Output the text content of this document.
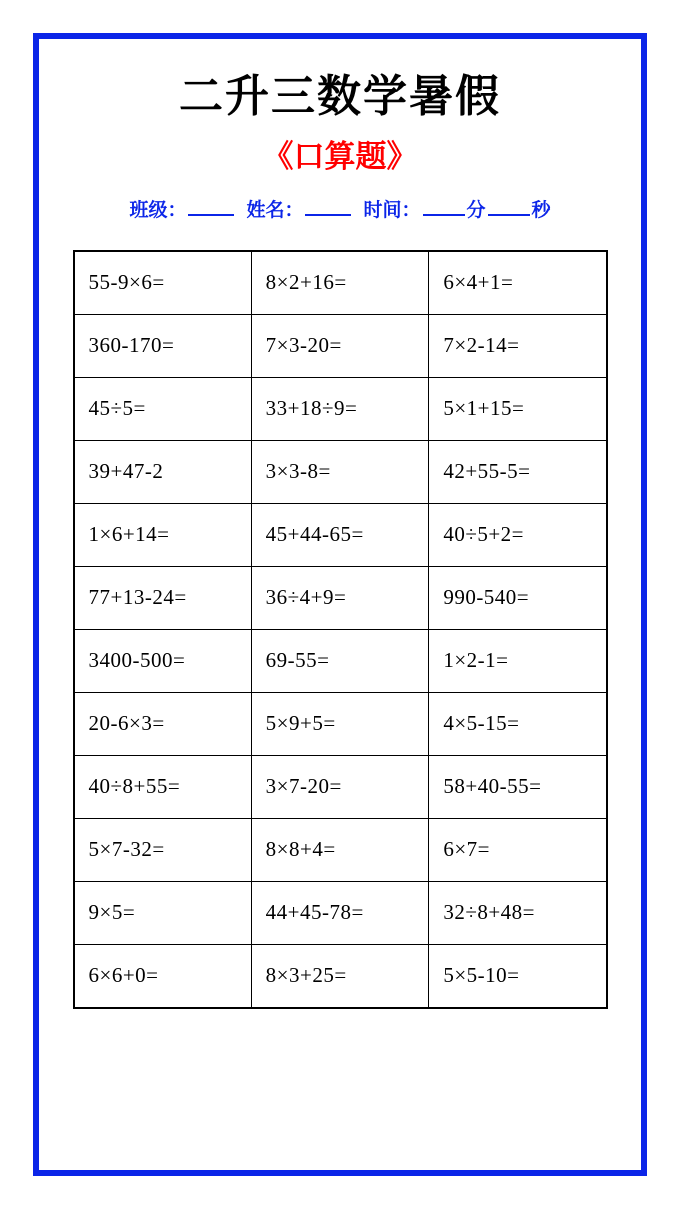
二升三数学暑假
《口算题》
班级：	姓名：	时间： 分 秒
55-9×6=	8×2+16=	6×4+1=
360-170=	7×3-20=	7×2-14=
45÷5=	33+18÷9=	5×1+15=
39+47-2	3×3-8=	42+55-5=
1×6+14=	45+44-65=	40÷5+2=
77+13-24=	36÷4+9=	990-540=
3400-500=	69-55=	1×2-1=
20-6×3=	5×9+5=	4×5-15=
40÷8+55=	3×7-20=	58+40-55=
5×7-32=	8×8+4=	6×7=
9×5=	44+45-78=	32÷8+48=
6×6+0=	8×3+25=	5×5-10=
